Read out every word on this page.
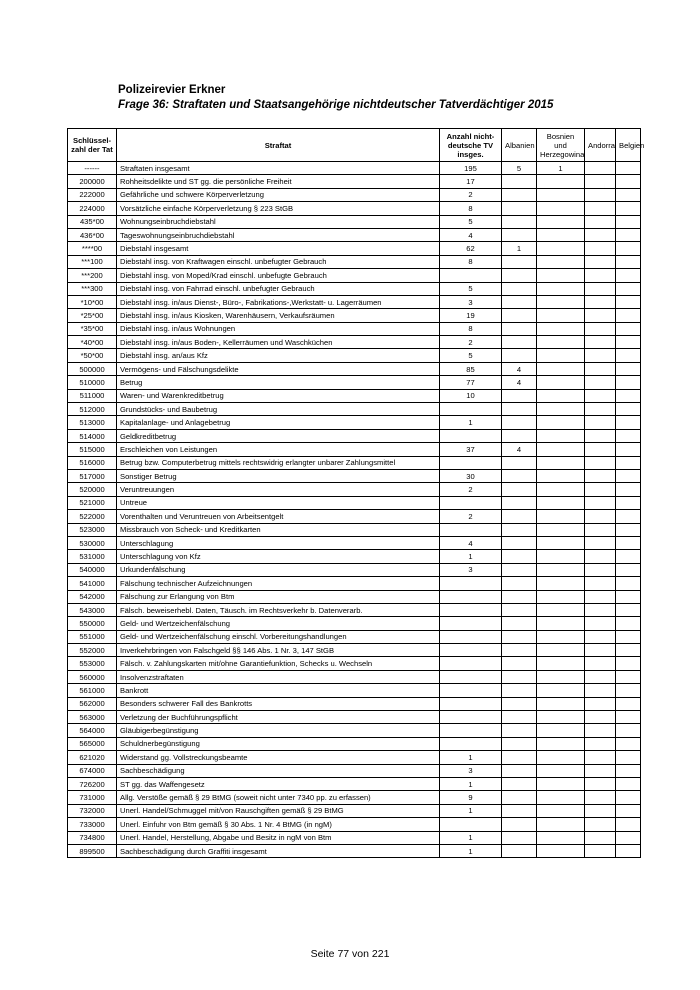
Polizeirevier Erkner
Frage 36: Straftaten und Staatsangehörige nichtdeutscher Tatverdächtiger 2015
Schlüssel-zahl der Tat	Straftat	Anzahl nicht-deutsche TV insges.	Albanien	Bosnien und Herzegowina	Andorra	Belgien
------	Straftaten insgesamt	195	5	1		
200000	Rohheitsdelikte und ST gg. die persönliche Freiheit	17				
222000	Gefährliche und schwere Körperverletzung	2				
224000	Vorsätzliche einfache Körperverletzung § 223 StGB	8				
435*00	Wohnungseinbruchdiebstahl	5				
436*00	Tageswohnungseinbruchdiebstahl	4				
****00	Diebstahl insgesamt	62	1			
***100	Diebstahl insg. von Kraftwagen einschl. unbefugter Gebrauch	8				
***200	Diebstahl insg. von Moped/Krad einschl. unbefugte Gebrauch					
***300	Diebstahl insg. von Fahrrad einschl. unbefugter Gebrauch	5				
*10*00	Diebstahl insg. in/aus Dienst-, Büro-, Fabrikations-,Werkstatt- u. Lagerräumen	3				
*25*00	Diebstahl insg. in/aus Kiosken, Warenhäusern, Verkaufsräumen	19				
*35*00	Diebstahl insg. in/aus Wohnungen	8				
*40*00	Diebstahl insg. in/aus Boden-, Kellerräumen und Waschküchen	2				
*50*00	Diebstahl insg. an/aus Kfz	5				
500000	Vermögens- und Fälschungsdelikte	85	4			
510000	Betrug	77	4			
511000	Waren- und Warenkreditbetrug	10				
512000	Grundstücks- und Baubetrug					
513000	Kapitalanlage- und Anlagebetrug	1				
514000	Geldkreditbetrug					
515000	Erschleichen von Leistungen	37	4			
516000	Betrug bzw. Computerbetrug mittels rechtswidrig erlangter unbarer Zahlungsmittel					
517000	Sonstiger Betrug	30				
520000	Veruntreuungen	2				
521000	Untreue					
522000	Vorenthalten und Veruntreuen von Arbeitsentgelt	2				
523000	Missbrauch von Scheck- und Kreditkarten					
530000	Unterschlagung	4				
531000	Unterschlagung von Kfz	1				
540000	Urkundenfälschung	3				
541000	Fälschung technischer Aufzeichnungen					
542000	Fälschung zur Erlangung von Btm					
543000	Fälsch. beweiserhebl. Daten, Täusch. im Rechtsverkehr b. Datenverarb.					
550000	Geld- und Wertzeichenfälschung					
551000	Geld- und Wertzeichenfälschung einschl. Vorbereitungshandlungen					
552000	Inverkehrbringen von Falschgeld §§ 146 Abs. 1 Nr. 3, 147 StGB					
553000	Fälsch. v. Zahlungskarten mit/ohne Garantiefunktion, Schecks u. Wechseln					
560000	Insolvenzstraftaten					
561000	Bankrott					
562000	Besonders schwerer Fall des Bankrotts					
563000	Verletzung der Buchführungspflicht					
564000	Gläubigerbegünstigung					
565000	Schuldnerbegünstigung					
621020	Widerstand gg. Vollstreckungsbeamte	1				
674000	Sachbeschädigung	3				
726200	ST gg. das Waffengesetz	1				
731000	Allg. Verstöße gemäß § 29 BtMG (soweit nicht unter 7340 pp. zu erfassen)	9				
732000	Unerl. Handel/Schmuggel mit/von Rauschgiften gemäß § 29 BtMG	1				
733000	Unerl. Einfuhr von Btm gemäß § 30 Abs. 1 Nr. 4 BtMG (in ngM)					
734800	Unerl. Handel, Herstellung, Abgabe und Besitz in ngM von Btm	1				
899500	Sachbeschädigung durch Graffiti insgesamt	1				
Seite 77 von 221
